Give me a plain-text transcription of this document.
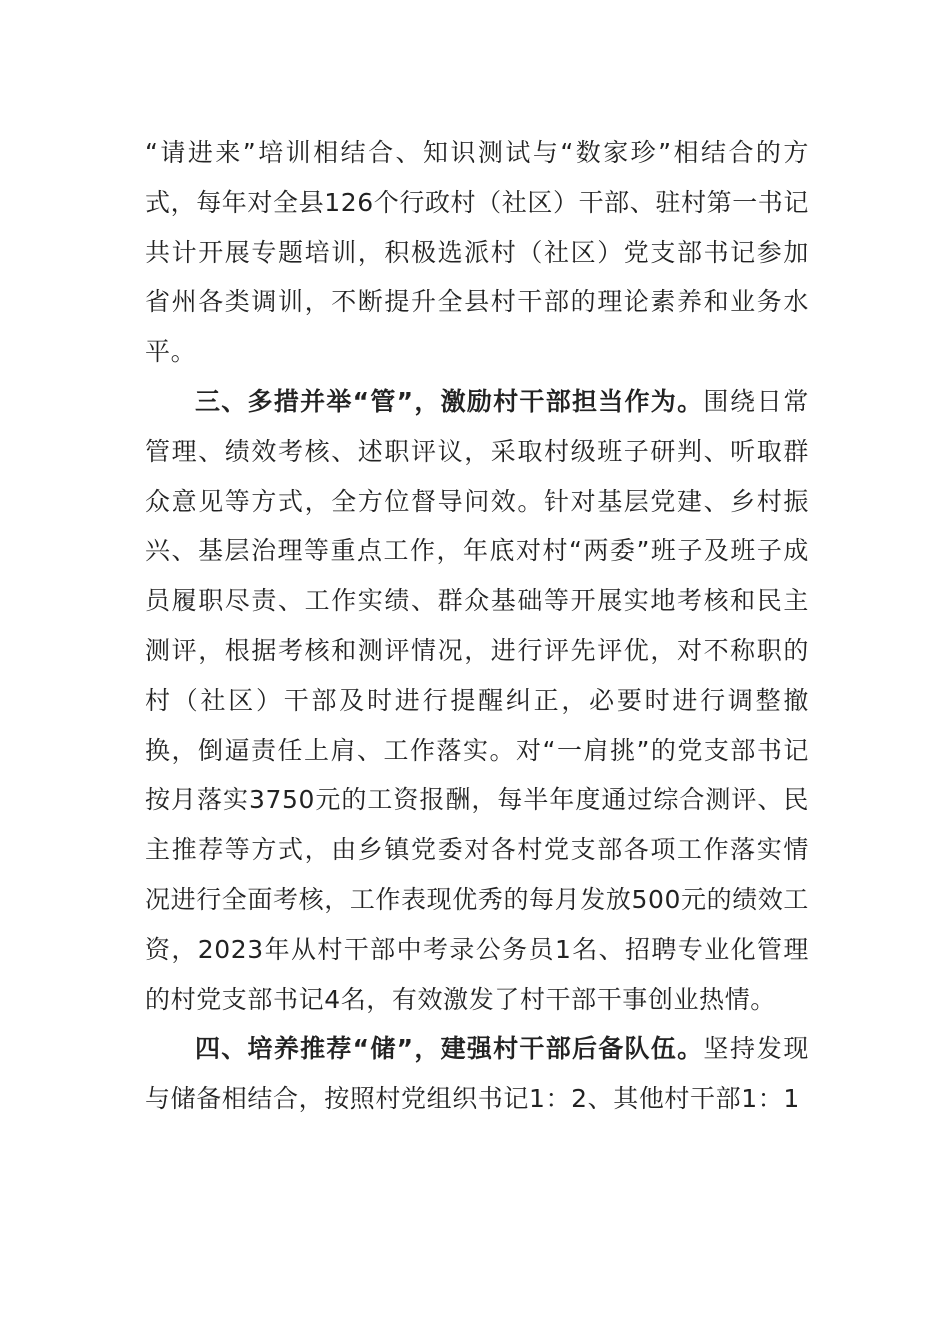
“请进来”培训相结合、知识测试与“数家珍”相结合的方式，每年对全县126个行政村（社区）干部、驻村第一书记共计开展专题培训，积极选派村（社区）党支部书记参加省州各类调训，不断提升全县村干部的理论素养和业务水平。

三、多措并举“管”，激励村干部担当作为。围绕日常管理、绩效考核、述职评议，采取村级班子研判、听取群众意见等方式，全方位督导问效。针对基层党建、乡村振兴、基层治理等重点工作，年底对村“两委”班子及班子成员履职尽责、工作实绩、群众基础等开展实地考核和民主测评，根据考核和测评情况，进行评先评优，对不称职的村（社区）干部及时进行提醒纠正，必要时进行调整撤换，倒逼责任上肩、工作落实。对“一肩挑”的党支部书记按月落实3750元的工资报酬，每半年度通过综合测评、民主推荐等方式，由乡镇党委对各村党支部各项工作落实情况进行全面考核，工作表现优秀的每月发放500元的绩效工资，2023年从村干部中考录公务员1名、招聘专业化管理的村党支部书记4名，有效激发了村干部干事创业热情。

四、培养推荐“储”，建强村干部后备队伍。坚持发现与储备相结合，按照村党组织书记1：2、其他村干部1：1
